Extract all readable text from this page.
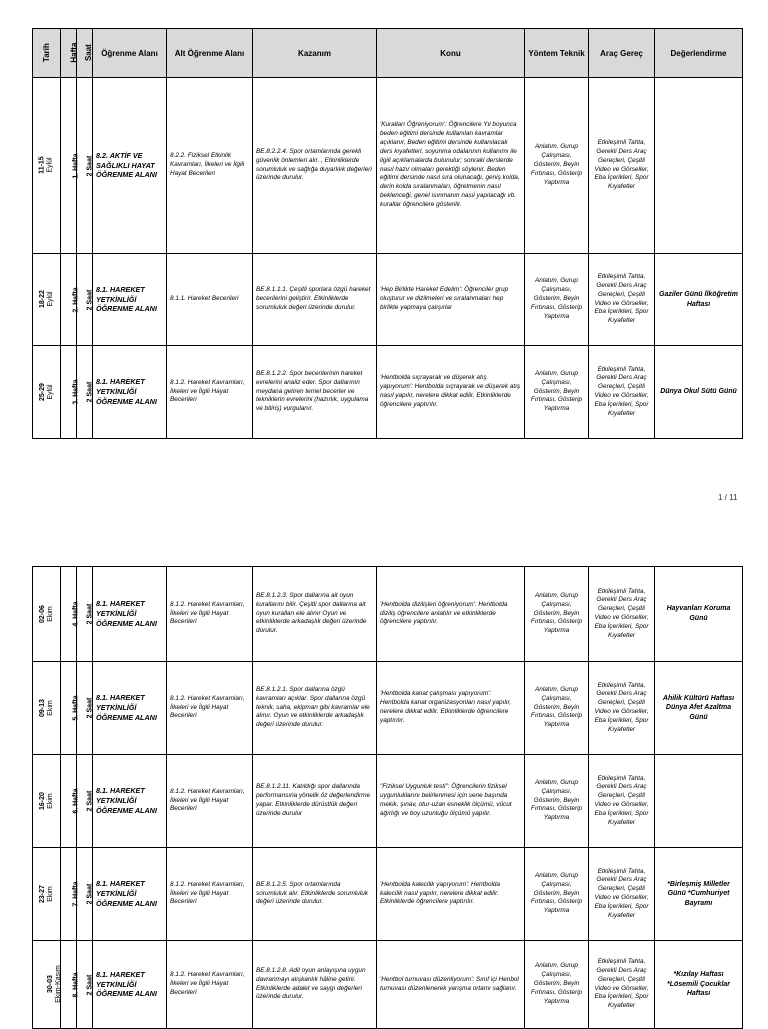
Tarih	Hafta	Saat	Öğrenme Alanı	Alt Öğrenme Alanı	Kazanım	Konu	Yöntem Teknik	Araç Gereç	Değerlendirme

11-15 Eylül	1. Hafta	2 Saat	8.2. AKTİF VE SAĞLIKLI HAYAT ÖĞRENME ALANI	8.2.2. Fiziksel Etkinlik Kavramları, İlkeleri ve İlgili Hayat Becerileri	BE.8.2.2.4. Spor ortamlarında gerekli güvenlik önlemleri alır. , Etkinliklerde sorumluluk ve sağlığa duyarlılık değerleri üzerinde durulur.	'Kuralları Öğreniyorum': Öğrencilere Yıl boyunca beden eğitimi dersinde kullanılan kavramlar açıklanır, Beden eğitimi dersinde kullanılacak ders kıyafetleri, soyunma odalarının kullanımı ile ilgili açıklamalarda bulunulur; sonraki derslerde nasıl hazır olmaları gerektiği söylenir. Beden eğitimi dersinde nasıl sıra olunacağı, geniş kolda, derin kolda sıralanmaları, öğretmenin nasıl beklenceği, genel ısınmanın nasıl yapılacağı vb. kurallar öğrencilere gösterilir.	Anlatım, Gurup Çalışması, Gösterim, Beyin Fırtınası, Gösterip Yaptırma	Etkileşimli Tahta, Gerekli Ders Araç Gereçleri, Çeşitli Video ve Görseller, Eba İçerikleri, Spor Kıyafetler	

18-22 Eylül	2. Hafta	2 Saat	8.1. HAREKET YETKİNLİĞİ ÖĞRENME ALANI	8.1.1. Hareket Becerileri	BE.8.1.1.1. Çeşitli sporlara özgü hareket becerilerini geliştirir. Etkinliklerde sorumluluk değeri üzerinde durulur.	'Hep Birlikte Hareket Edelim': Öğrenciler grup oluşturur ve dizilmeleri ve sıralanmaları hep birlikte yapmaya çalışırlar	Anlatım, Gurup Çalışması, Gösterim, Beyin Fırtınası, Gösterip Yaptırma	Etkileşimli Tahta, Gerekli Ders Araç Gereçleri, Çeşitli Video ve Görseller, Eba İçerikleri, Spor Kıyafetler	Gaziler Günü İlköğretim Haftası

25-29 Eylül	3. Hafta	2 Saat	8.1. HAREKET YETKİNLİĞİ ÖĞRENME ALANI	8.1.2. Hareket Kavramları, İlkeleri ve İlgili Hayat Becerileri	BE.8.1.2.2. Spor becerilerinin hareket evrelerini analiz eder. Spor dallarının meydana getiren temel becerler ve tekniklerin evrelerini (hazırlık, uygulama ve bitiriş) vurgulanır.	'Hentbolda sıçrayarak ve düşerek atış yapıyorum': Hentbolda sıçrayarak ve düşerek atış nasıl yapılır, nerelere dikkat edilir. Etkinliklerde öğrencilere yaptırılır.	Anlatım, Gurup Çalışması, Gösterim, Beyin Fırtınası, Gösterip Yaptırma	Etkileşimli Tahta, Gerekli Ders Araç Gereçleri, Çeşitli Video ve Görseller, Eba İçerikleri, Spor Kıyafetler	Dünya Okul Sütü Günü
1 / 11
02-06 Ekim	4. Hafta	2 Saat	8.1. HAREKET YETKİNLİĞİ ÖĞRENME ALANI	8.1.2. Hareket Kavramları, İlkeleri ve İlgili Hayat Becerileri	BE.8.1.2.3. Spor dallarına ait oyun kurallarını bilir. Çeşitli spor dallarına ait oyun kuralları ele alınır Oyun ve etkinliklerde arkadaşlık değeri üzerinde durulur.	'Hentbolda dizilişleri öğreniyorum': Hentbolda diziliş öğrencilere anlatılır ve etkinliklerde öğrencilere yaptırılır.	Anlatım, Gurup Çalışması, Gösterim, Beyin Fırtınası, Gösterip Yaptırma	Etkileşimli Tahta, Gerekli Ders Araç Gereçleri, Çeşitli Video ve Görseller, Eba İçerikleri, Spor Kıyafetler	Hayvanları Koruma Günü

09-13 Ekim	5. Hafta	2 Saat	8.1. HAREKET YETKİNLİĞİ ÖĞRENME ALANI	8.1.2. Hareket Kavramları, İlkeleri ve İlgili Hayat Becerileri	BE.8.1.2.1. Spor dallarına özgü kavramları açıklar. Spor dallarına özgü teknik, saha, ekipman gibi kavramlar ele alınır. Oyun ve etkinliklerde arkadaşlık değeri üzerinde durulur.	'Hentbolda kanat çalışması yapıyorum': Hentbolda kanat organizasyonları nasıl yapılır, nerelere dikkat edilir. Etkinliklerde öğrencilere yaptırılır.	Anlatım, Gurup Çalışması, Gösterim, Beyin Fırtınası, Gösterip Yaptırma	Etkileşimli Tahta, Gerekli Ders Araç Gereçleri, Çeşitli Video ve Görseller, Eba İçerikleri, Spor Kıyafetler	Ahilik Kültürü Haftası Dünya Afet Azaltma Günü

16-20 Ekim	6. Hafta	2 Saat	8.1. HAREKET YETKİNLİĞİ ÖĞRENME ALANI	8.1.2. Hareket Kavramları, İlkeleri ve İlgili Hayat Becerileri	BE.8.1.2.11. Katıldığı spor dallarında performansına yönelik öz değerlendirme yapar. Etkinliklerde dürüstlük değeri üzerinde durulur	"Fiziksel Uygunluk testi": Öğrencilerin fiziksel uygunluklarını belirlenmesi için sene başında mekik, şınav, otur-uzan esneklik ölçümü, vücut ağırlığı ve boy uzunluğu ölçümü yapılır.	Anlatım, Gurup Çalışması, Gösterim, Beyin Fırtınası, Gösterip Yaptırma	Etkileşimli Tahta, Gerekli Ders Araç Gereçleri, Çeşitli Video ve Görseller, Eba İçerikleri, Spor Kıyafetler	

23-27 Ekim	7. Hafta	2 Saat	8.1. HAREKET YETKİNLİĞİ ÖĞRENME ALANI	8.1.2. Hareket Kavramları, İlkeleri ve İlgili Hayat Becerileri	BE.8.1.2.5. Spor ortamlarında sorumluluk alır. Etkinliklerde sorumluluk değeri üzerinde durulur.	'Hentbolda kalecilik yapıyorum': Hentbolda kalecilik nasıl yapılır, nerelere dikkat edilir. Etkinliklerde öğrencilere yaptırılır.	Anlatım, Gurup Çalışması, Gösterim, Beyin Fırtınası, Gösterip Yaptırma	Etkileşimli Tahta, Gerekli Ders Araç Gereçleri, Çeşitli Video ve Görseller, Eba İçerikleri, Spor Kıyafetler	*Birleşmiş Milletler Günü *Cumhuriyet Bayramı

30-03 Ekim-Kasım	8. Hafta	2 Saat	8.1. HAREKET YETKİNLİĞİ ÖĞRENME ALANI	8.1.2. Hareket Kavramları, İlkeleri ve İlgili Hayat Becerileri	BE.8.1.2.8. Adil oyun anlayışına uygun davranmayı alışkanlık hâline getirir. Etkinliklerde adalet ve saygı değerleri üzerinde durulur.	'Hentbol turnuvası düzenliyorum': Sınıf içi Henbol turnuvası düzenlenerek yarışma ortamı sağlanır.	Anlatım, Gurup Çalışması, Gösterim, Beyin Fırtınası, Gösterip Yaptırma	Etkileşimli Tahta, Gerekli Ders Araç Gereçleri, Çeşitli Video ve Görseller, Eba İçerikleri, Spor Kıyafetler	*Kızılay Haftası *Lösemili Çocuklar Haftası
